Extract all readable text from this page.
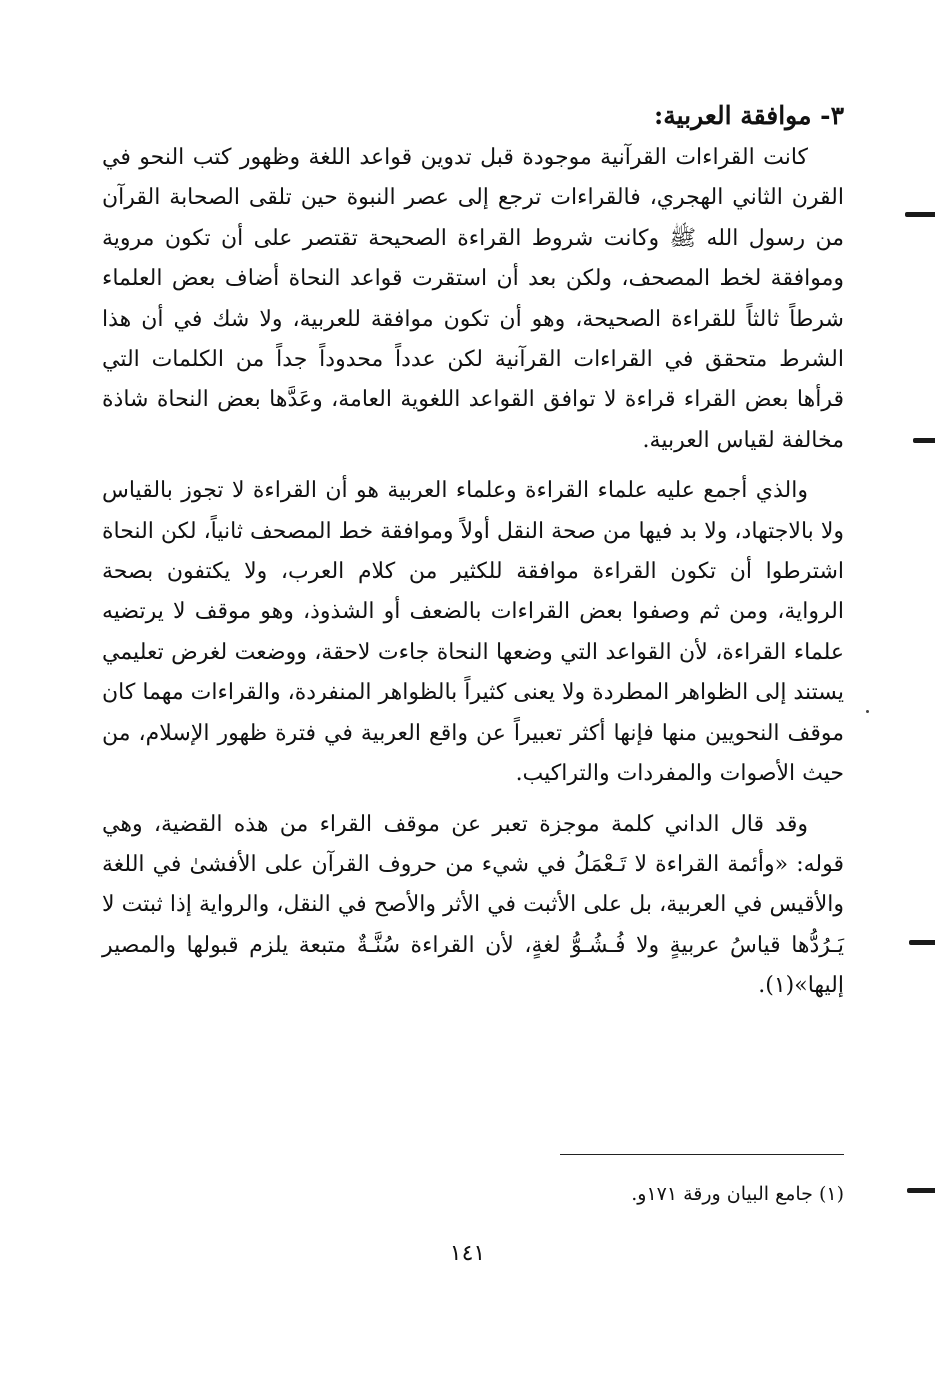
٣- موافقة العربية:

كانت القراءات القرآنية موجودة قبل تدوين قواعد اللغة وظهور كتب النحو في القرن الثاني الهجري، فالقراءات ترجع إلى عصر النبوة حين تلقى الصحابة القرآن من رسول الله ﷺ وكانت شروط القراءة الصحيحة تقتصر على أن تكون مروية وموافقة لخط المصحف، ولكن بعد أن استقرت قواعد النحاة أضاف بعض العلماء شرطاً ثالثاً للقراءة الصحيحة، وهو أن تكون موافقة للعربية، ولا شك في أن هذا الشرط متحقق في القراءات القرآنية لكن عدداً محدوداً جداً من الكلمات التي قرأها بعض القراء قراءة لا توافق القواعد اللغوية العامة، وعَدَّها بعض النحاة شاذة مخالفة لقياس العربية.

والذي أجمع عليه علماء القراءة وعلماء العربية هو أن القراءة لا تجوز بالقياس ولا بالاجتهاد، ولا بد فيها من صحة النقل أولاً وموافقة خط المصحف ثانياً، لكن النحاة اشترطوا أن تكون القراءة موافقة للكثير من كلام العرب، ولا يكتفون بصحة الرواية، ومن ثم وصفوا بعض القراءات بالضعف أو الشذوذ، وهو موقف لا يرتضيه علماء القراءة، لأن القواعد التي وضعها النحاة جاءت لاحقة، ووضعت لغرض تعليمي يستند إلى الظواهر المطردة ولا يعنى كثيراً بالظواهر المنفردة، والقراءات مهما كان موقف النحويين منها فإنها أكثر تعبيراً عن واقع العربية في فترة ظهور الإسلام، من حيث الأصوات والمفردات والتراكيب.

وقد قال الداني كلمة موجزة تعبر عن موقف القراء من هذه القضية، وهي قوله: «وأئمة القراءة لا تَـعْمَلُ في شيء من حروف القرآن على الأفشىٰ في اللغة والأقيس في العربية، بل على الأثبت في الأثر والأصح في النقل، والرواية إذا ثبتت لا يَـرُدُّها قياسُ عربيةٍ ولا فُـشُـوُّ لغةٍ، لأن القراءة سُنَّـةٌ متبعة يلزم قبولها والمصير إليها»(١).

(١) جامع البيان ورقة ١٧١و.
١٤١
